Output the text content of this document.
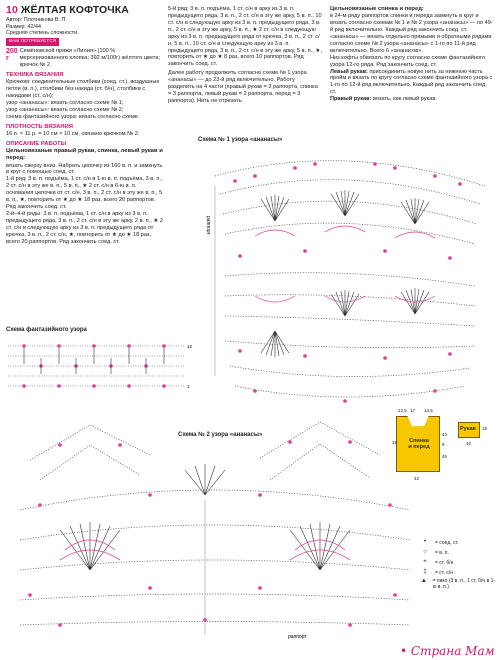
10 ЖЁЛТАЯ КОФТОЧКА
Автор: Плотникова В. П.
Размер: 42/44
Средняя степень сложности.
ВАМ ПОТРЕБУЕТСЯ
200 г
Семёновской пряжи «Лилия» (100 % мерсеризованного хлопка; 392 м/100г) жёлтого цвета; крючок № 2.
ТЕХНИКА ВЯЗАНИЯ

Крючком: соединительные столбики (соед. ст.), воздушные петли (в. п.), столбики без накида (ст. б/н), столбики с накидами (ст. с/н);

узор «ананасы»: вязать согласно схеме № 1;

узор «ананасы»: вязать согласно схеме № 2;

схема фантазийного узора: вязать согласно схеме.

ПЛОТНОСТЬ ВЯЗАНИЯ

16 п. × 11 р. = 10 см × 10 см, связано крючком № 2.

ОПИСАНИЕ РАБОТЫ

Цельновязаные правый рукав, спинка, левый рукав и перед:

вязать сверху вниз. Набрать цепочку из 160 в. п. и замкнуть в круг с помощью соед. ст.

1-й ряд: 3 в. п. подъёма, 1 ст. с/н в 1-ю в. п. подъёма, 3 в. п., 2 ст. с/н в эту же в. п., 5 в. п., ★ 2 ст. с/н в 6-ю в. п. основания цепочки от ст. с/н, 3 в. п., 2 ст. с/н в эту же в. п., 5 в. п., ★, повторить от ★ до ★ 18 раз, всего 20 раппортов. Ряд закончить соед. ст.

2-й–4-й ряды: 3 в. п. подъёма, 1 ст. с/н в арку из 3 в. п. предыдущего ряда, 3 в. п., 2 ст. с/н в эту же арку, 2 в. п., ★ 2 ст. с/н в следующую арку из 3 в. п. предыдущего ряда от крючка, 3 в. п., 2 ст. с/н, ★, повторить от ★ до ★ 18 раз, всего 20 раппортов. Ряд закончить соед. ст.

5-й ряд: 3 в. п. подъёма, 1 ст. с/н в арку из 3 в. п. предыдущего ряда, 3 в. п., 2 ст. с/н в эту же арку, 5 в. п., 10 ст. с/н в следующую арку из 3 в. п. предыдущего ряда, 3 в. п., 2 ст. с/н в эту же арку, 5 в. п., ★ 2 ст. с/н в следующую арку из 3 в. п. предыдущего ряда от крючка, 3 в. п., 2 ст. с/н, 5 в. п., 10 ст. с/н в следующую арку из 3 в. п. предыдущего ряда, 3 в. п., 2 ст. с/н в эту же арку, 5 в. п., ★, повторить от ★ до ★ 8 раз, всего 10 раппортов. Ряд закончить соед. ст.

Далее работу продолжить согласно схеме № 1 узора «ананасы» — до 23-й ряд включительно. Работу разделить на 4 части (правый рукав = 2 раппорта, спинка = 3 раппорта, левый рукав = 2 раппорта, перед = 3 раппорта). Нить не отрезать.

Цельновязаные спинка и перед:

в 24-м ряду раппортов спинки и переда замкнуть в круг и вязать согласно схемам № 1 и № 2 узора «ананасы» — по 49-й ряд включительно. Каждый ряд закончить соед. ст.

«ананасы» — вязать отдельно прямыми и обратными рядами согласно схеме № 2 узора «ананасы» с 1-го по 11-й ряд включительно. Всего 6 «ананасов».

Низ кофты обвязать по кругу согласно схеме фантазийного узора 12-го ряда. Ряд закончить соед. ст.

Левый рукав: присоединить новую нить за нижнюю часть пройм и вязать по кругу согласно схеме фантазийного узора с 1-го по 12-й ряд включительно. Каждый ряд закончить соед. ст.

Правый рукав: вязать, как левый рукав.

Схема № 1 узора «ананасы»
раппорт
Схема фантазийного узора
12
1
Схема № 2 узора «ананасы»
раппорт
12,5 17 12,5
Спинка
и перед
15
40
9
45
42
Рукав 18
10
•	= соед. ст.
○	= в. п.
+	= ст. б/н
‡	= ст. с/н
▲	= пико (3 в. п., 1 ст. б/н в 1-ю в. п.)
• Страна Мам
